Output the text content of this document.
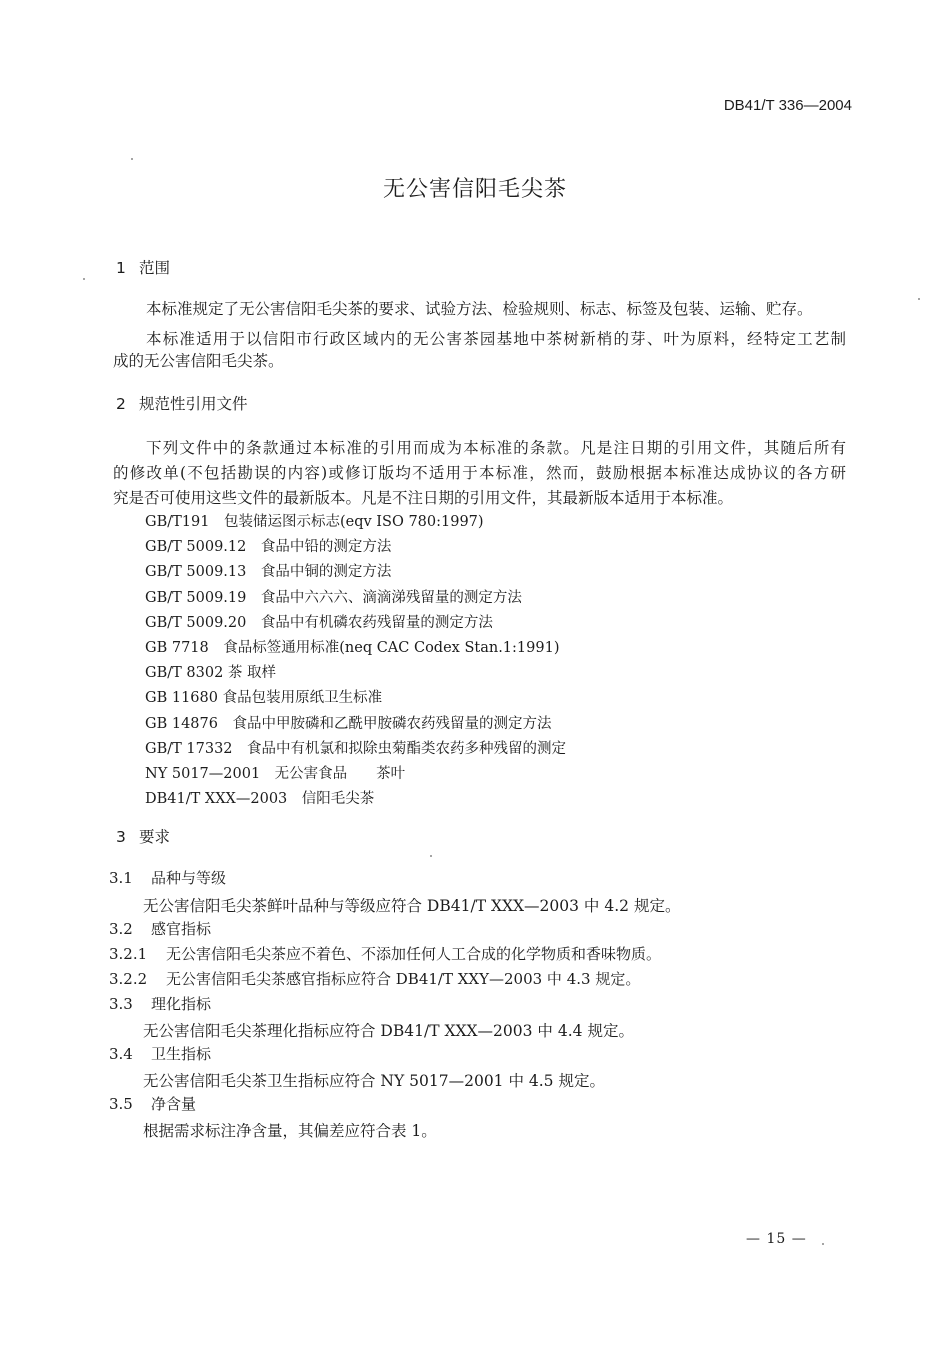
DB41/T 336—2004
无公害信阳毛尖茶
1 范围
本标准规定了无公害信阳毛尖茶的要求、试验方法、检验规则、标志、标签及包装、运输、贮存。
本标准适用于以信阳市行政区域内的无公害茶园基地中茶树新梢的芽、叶为原料，经特定工艺制
成的无公害信阳毛尖茶。
2 规范性引用文件
下列文件中的条款通过本标准的引用而成为本标准的条款。凡是注日期的引用文件，其随后所有
的修改单(不包括勘误的内容)或修订版均不适用于本标准，然而，鼓励根据本标准达成协议的各方研
究是否可使用这些文件的最新版本。凡是不注日期的引用文件，其最新版本适用于本标准。
GB/T191　包装储运图示标志(eqv ISO 780:1997)
GB/T 5009.12　食品中铅的测定方法
GB/T 5009.13　食品中铜的测定方法
GB/T 5009.19　食品中六六六、滴滴涕残留量的测定方法
GB/T 5009.20　食品中有机磷农药残留量的测定方法
GB 7718　食品标签通用标准(neq CAC Codex Stan.1:1991)
GB/T 8302 茶 取样
GB 11680 食品包装用原纸卫生标准
GB 14876　食品中甲胺磷和乙酰甲胺磷农药残留量的测定方法
GB/T 17332　食品中有机氯和拟除虫菊酯类农药多种残留的测定
NY 5017—2001　无公害食品　　茶叶
DB41/T XXX—2003　信阳毛尖茶
3 要求
3.1 品种与等级
无公害信阳毛尖茶鲜叶品种与等级应符合 DB41/T XXX—2003 中 4.2 规定。
3.2 感官指标
3.2.1 无公害信阳毛尖茶应不着色、不添加任何人工合成的化学物质和香味物质。
3.2.2 无公害信阳毛尖茶感官指标应符合 DB41/T XXY—2003 中 4.3 规定。
3.3 理化指标
无公害信阳毛尖茶理化指标应符合 DB41/T XXX—2003 中 4.4 规定。
3.4 卫生指标
无公害信阳毛尖茶卫生指标应符合 NY 5017—2001 中 4.5 规定。
3.5 净含量
根据需求标注净含量，其偏差应符合表 1。
— 15 —
